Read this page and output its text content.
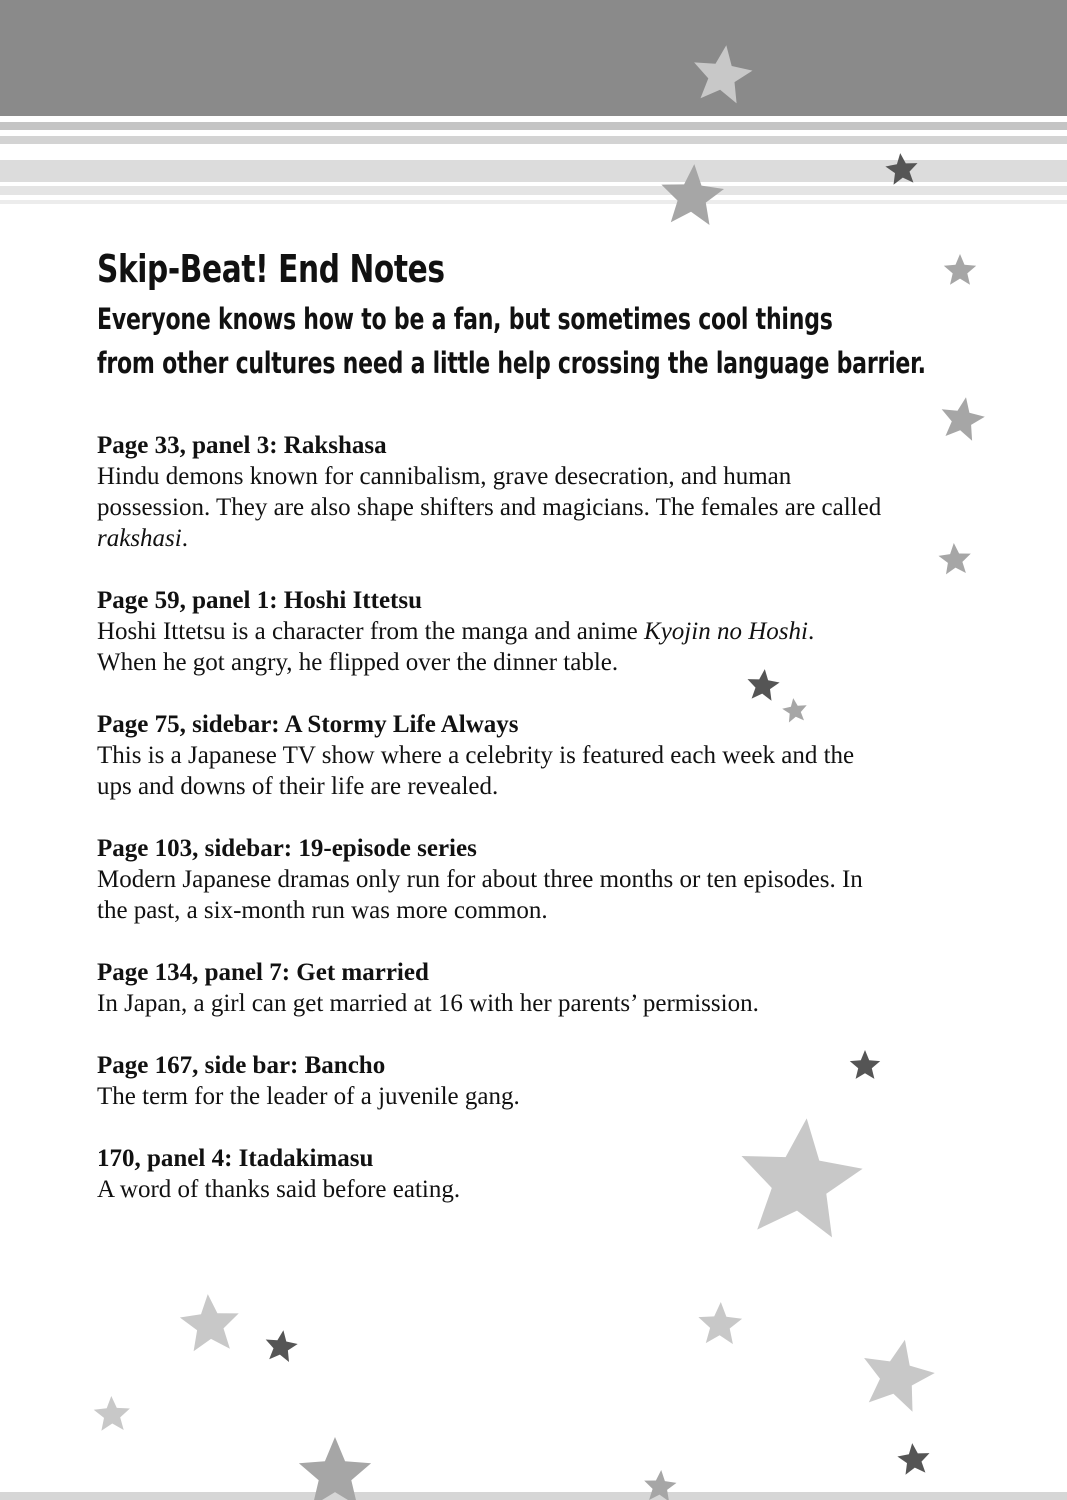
Skip-Beat! End Notes
Everyone knows how to be a fan, but sometimes cool things
from other cultures need a little help crossing the language barrier.
Page 33, panel 3: Rakshasa
Hindu demons known for cannibalism, grave desecration, and human
possession. They are also shape shifters and magicians. The females are called
rakshasi.
Page 59, panel 1: Hoshi Ittetsu
Hoshi Ittetsu is a character from the manga and anime Kyojin no Hoshi.
When he got angry, he flipped over the dinner table.
Page 75, sidebar: A Stormy Life Always
This is a Japanese TV show where a celebrity is featured each week and the
ups and downs of their life are revealed.
Page 103, sidebar: 19-episode series
Modern Japanese dramas only run for about three months or ten episodes. In
the past, a six-month run was more common.
Page 134, panel 7: Get married
In Japan, a girl can get married at 16 with her parents’ permission.
Page 167, side bar: Bancho
The term for the leader of a juvenile gang.
170, panel 4: Itadakimasu
A word of thanks said before eating.
